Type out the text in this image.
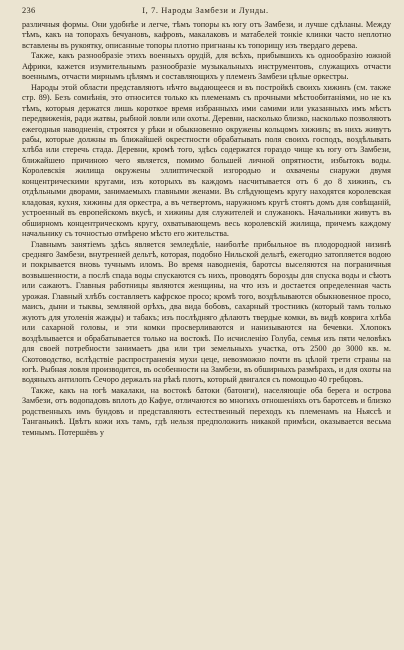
236	I, 7. Народы Замбези и Лунды.

различныя формы. Они удобнѣе и легче, тѣмъ топоры къ югу отъ Замбези, и лучше сдѣланы. Между тѣмъ, какъ на топорахъ бечуановъ, кафровъ, макалаковъ и матабелей тонкіе клинки часто неплотно вставлены въ рукоятку, описанные топоры плотно пригнаны къ топорищу изъ твердаго дерева.

Также, какъ разнообразіе этихъ военныхъ орудій, для всѣхъ, прибывшихъ къ однообразію южной Африки, кажется изумительнымъ разнообразіе музыкальныхъ инструментовъ, служащихъ отчасти военнымъ, отчасти мирнымъ цѣлямъ и составляющихъ у племенъ Замбези цѣлые оркестры.

Народы этой области представляютъ нѣчто выдающееся и въ постройкѣ своихъ хижинъ (см. также стр. 89). Безъ сомнѣнія, это относится только къ племенамъ съ прочными мѣстообитаніями, но не къ тѣмъ, которыя держатся лишь короткое время избранныхъ ими самими или указанныхъ имъ мѣстъ передвиженія, ради жатвы, рыбной ловли или охоты. Деревни, насколько близко, насколько позволяютъ ежегодныя наводненія, строятся у рѣки и обыкновенно окружены кольцомъ хижинъ; въ нихъ живутъ рабы, которые должны въ ближайшей окрестности обрабатывать поля своихъ господъ, воздѣлывать хлѣба или стеречь стада. Деревни, кромѣ того, здѣсь содержатся гораздо чище къ югу отъ Замбези, ближайшею причиною чего является, помимо большей личной опрятности, избытокъ воды. Королевскія жилища окружены эллиптической изгородью и охвачены снаружи двумя концентрическими кругами, изъ которыхъ въ каждомъ насчитывается отъ 6 до 8 хижинъ, съ отдѣльными дворами, занимаемыхъ главными женами. Въ слѣдующемъ кругу находятся королевская кладовая, кухня, хижины для оркестра, а въ четвертомъ, наружномъ кругѣ стоятъ домъ для совѣщаній, устроенный въ европейскомъ вкусѣ, и хижины для служителей и служанокъ. Начальники живутъ въ обширномъ концентрическомъ кругу, охватывающемъ весь королевскій жилища, причемъ каждому начальнику съ точностью отмѣрено мѣсто его жительства.

Главнымъ занятіемъ здѣсь является земледѣліе, наиболѣе прибыльное въ плодородной низинѣ средняго Замбези, внутренней дельтѣ, которая, подобно Нильской дельтѣ, ежегодно затопляется водою и покрывается вновь тучнымъ иломъ. Во время наводненія, баротсы выселяются на пограничныя возвышенности, а послѣ спада воды спускаются съ нихъ, проводятъ борозды для спуска воды и сѣютъ или сажаютъ. Главныя работницы являются женщины, на что изъ и достается определенная часть урожая. Главный хлѣбъ составляетъ кафрское просо; кромѣ того, воздѣлываются обыкновенное просо, маисъ, дыни и тыквы, земляной орѣхъ, два вида бобовъ, сахарный тростникъ (который тамъ только жуютъ для утоленія жажды) и табакъ; изъ послѣдняго дѣлаютъ твердые комки, въ видѣ коврига хлѣба или сахарной головы, и эти комки просверливаются и нанизываются на бечевки. Хлопокъ воздѣлывается и обрабатывается только на востокѣ. По исчисленію Голуба, семья изъ пяти человѣкъ для своей потребности занимаетъ два или три земельныхъ участка, отъ 2500 до 3000 кв. м. Скотоводство, вслѣдствіе распространенія мухи цеце, невозможно почти въ цѣлой трети страны на югѣ. Рыбная ловля производится, въ особенности на Замбези, въ обширныхъ размѣрахъ, и для охоты на водяныхъ антилопъ Сечоро держалъ на рѣкѣ плотъ, который двигался съ помощью 40 гребцовъ.

Также, какъ на югѣ макалаки, на востокѣ батоки (батонги), населяющіе оба берега и острова Замбези, отъ водопадовъ вплоть до Кафуе, отличаются во многихъ отношеніяхъ отъ баротсевъ и близко родственныхъ имъ бундовъ и представляютъ естественный переходъ къ племенамъ на Ньяссѣ и Танганьикѣ. Цвѣтъ кожи ихъ тамъ, гдѣ нельзя предположить никакой примѣси, оказывается весьма темнымъ. Потершёвъ у
